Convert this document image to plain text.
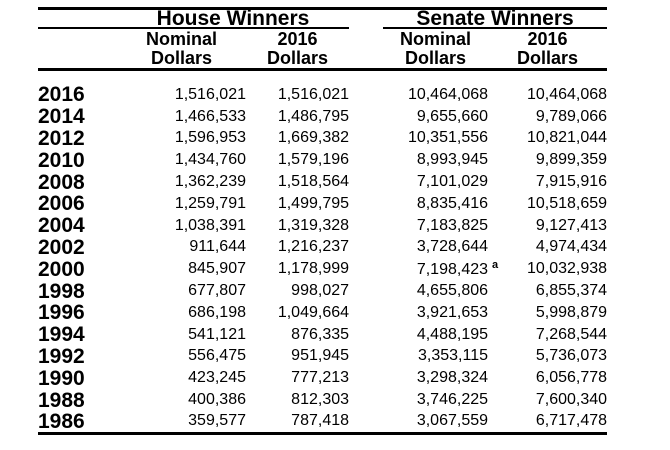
	House Winners			Senate Winners	
	Nominal	2016		Nominal	2016
	Dollars	Dollars		Dollars	Dollars

2016	1,516,021	1,516,021		10,464,068	10,464,068
2014	1,466,533	1,486,795		9,655,660	9,789,066
2012	1,596,953	1,669,382		10,351,556	10,821,044
2010	1,434,760	1,579,196		8,993,945	9,899,359
2008	1,362,239	1,518,564		7,101,029	7,915,916
2006	1,259,791	1,499,795		8,835,416	10,518,659
2004	1,038,391	1,319,328		7,183,825	9,127,413
2002	911,644	1,216,237		3,728,644	4,974,434
2000	845,907	1,178,999		7,198,423 a	10,032,938
1998	677,807	998,027		4,655,806	6,855,374
1996	686,198	1,049,664		3,921,653	5,998,879
1994	541,121	876,335		4,488,195	7,268,544
1992	556,475	951,945		3,353,115	5,736,073
1990	423,245	777,213		3,298,324	6,056,778
1988	400,386	812,303		3,746,225	7,600,340
1986	359,577	787,418		3,067,559	6,717,478
